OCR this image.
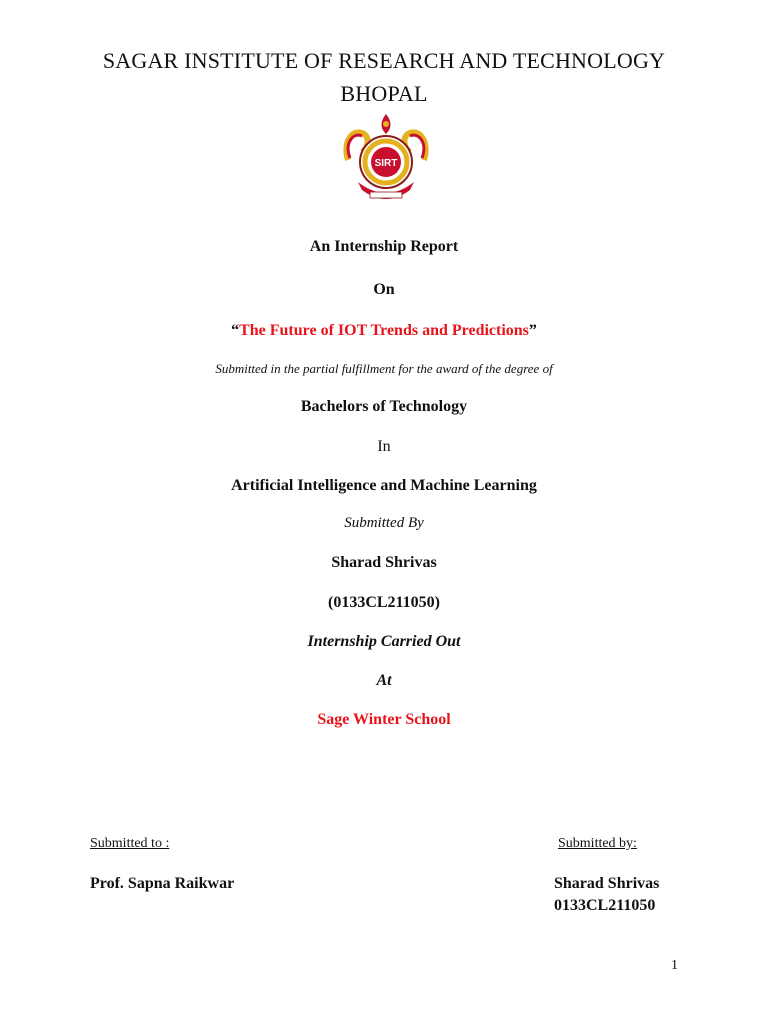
SAGAR INSTITUTE OF RESEARCH AND TECHNOLOGY
BHOPAL
SIRT
An Internship Report
On
“The Future of IOT Trends and Predictions”
Submitted in the partial fulfillment for the award of the degree of
Bachelors of Technology
In
Artificial Intelligence and Machine Learning
Submitted By
Sharad Shrivas
(0133CL211050)
Internship Carried Out
At
Sage Winter School
Submitted to :
Prof. Sapna Raikwar
Submitted by:
Sharad Shrivas
0133CL211050
1
